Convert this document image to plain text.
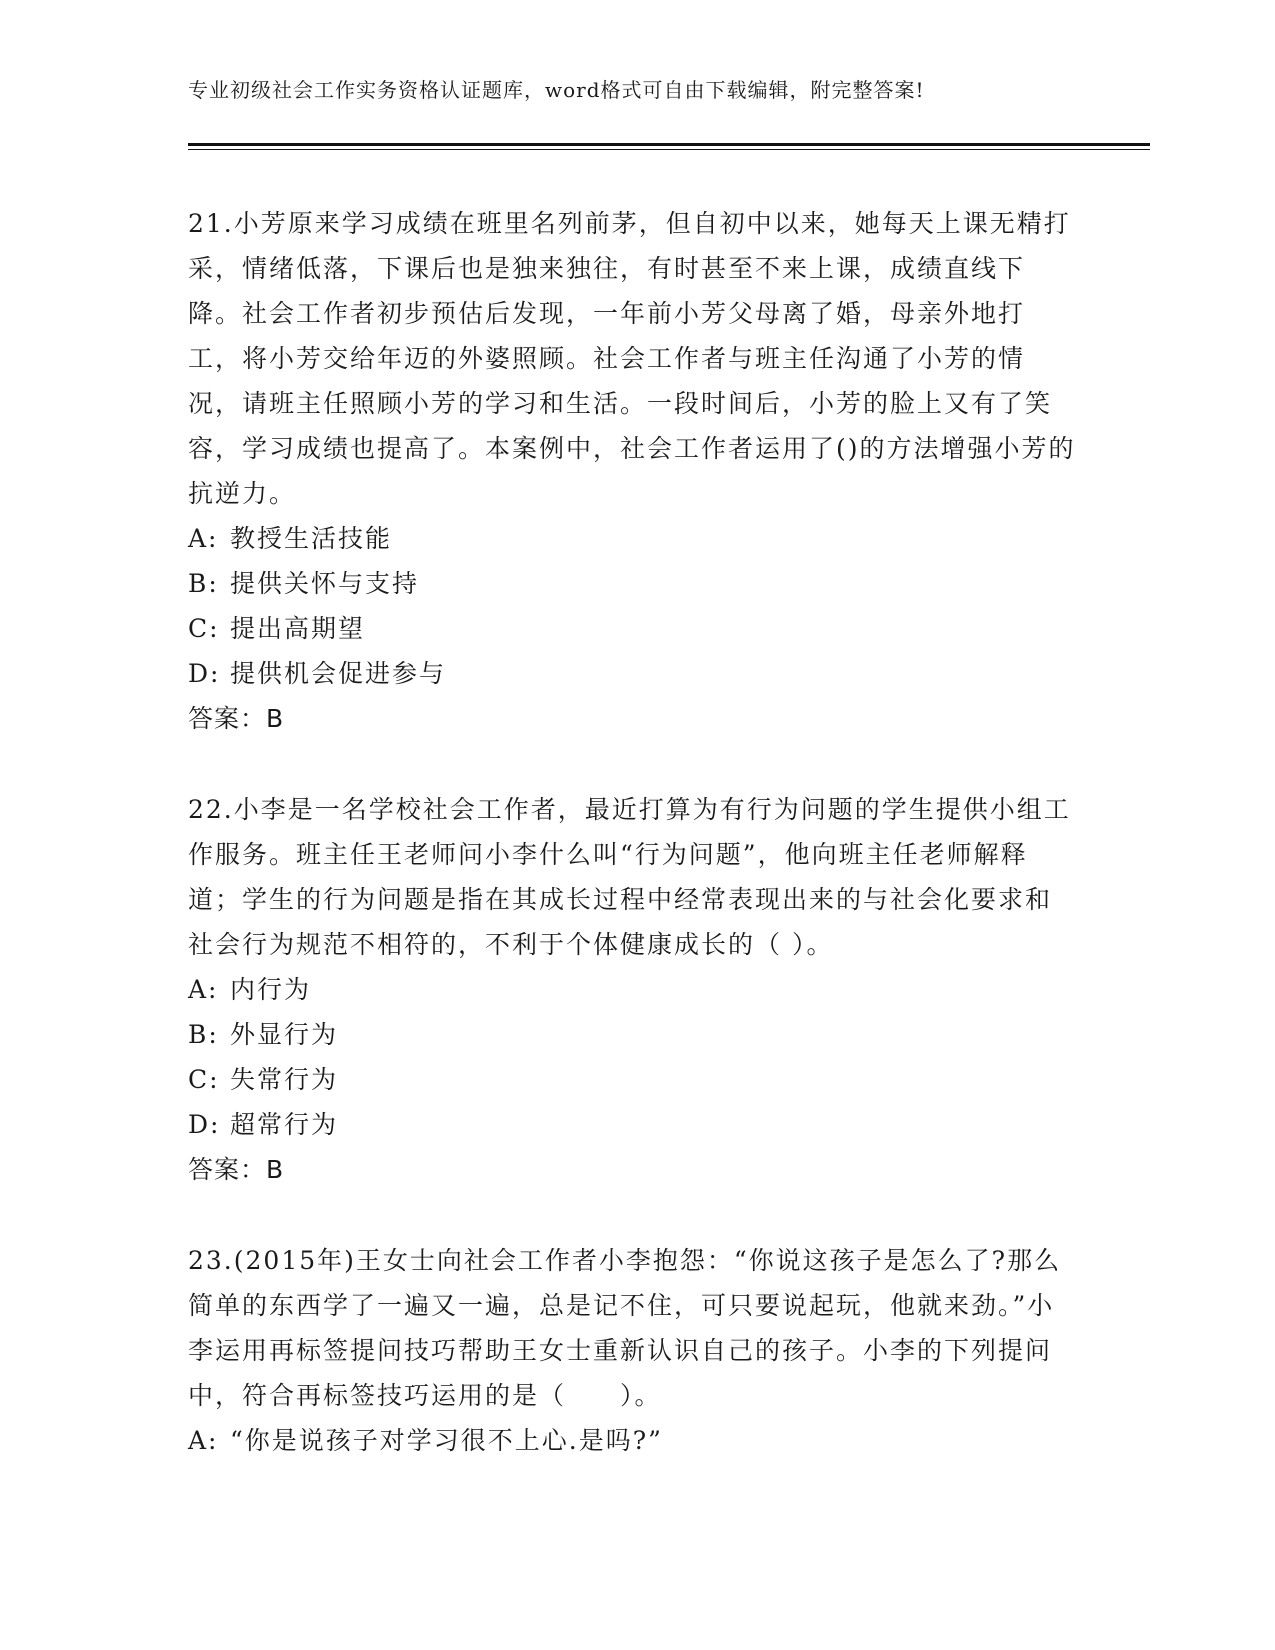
专业初级社会工作实务资格认证题库，word格式可自由下载编辑，附完整答案!

21.小芳原来学习成绩在班里名列前茅，但自初中以来，她每天上课无精打采，情绪低落，下课后也是独来独往，有时甚至不来上课，成绩直线下降。社会工作者初步预估后发现，一年前小芳父母离了婚，母亲外地打工，将小芳交给年迈的外婆照顾。社会工作者与班主任沟通了小芳的情况，请班主任照顾小芳的学习和生活。一段时间后，小芳的脸上又有了笑容，学习成绩也提高了。本案例中，社会工作者运用了()的方法增强小芳的抗逆力。

A: 教授生活技能

B: 提供关怀与支持

C: 提出高期望

D: 提供机会促进参与

答案：B

22.小李是一名学校社会工作者，最近打算为有行为问题的学生提供小组工作服务。班主任王老师问小李什么叫“行为问题”，他向班主任老师解释道；学生的行为问题是指在其成长过程中经常表现出来的与社会化要求和社会行为规范不相符的，不利于个体健康成长的（ ）。

A: 内行为

B: 外显行为

C: 失常行为

D: 超常行为

答案：B

23.(2015年)王女士向社会工作者小李抱怨：“你说这孩子是怎么了?那么简单的东西学了一遍又一遍，总是记不住，可只要说起玩，他就来劲。”小李运用再标签提问技巧帮助王女士重新认识自己的孩子。小李的下列提问中，符合再标签技巧运用的是（　　）。

A: “你是说孩子对学习很不上心.是吗?”
